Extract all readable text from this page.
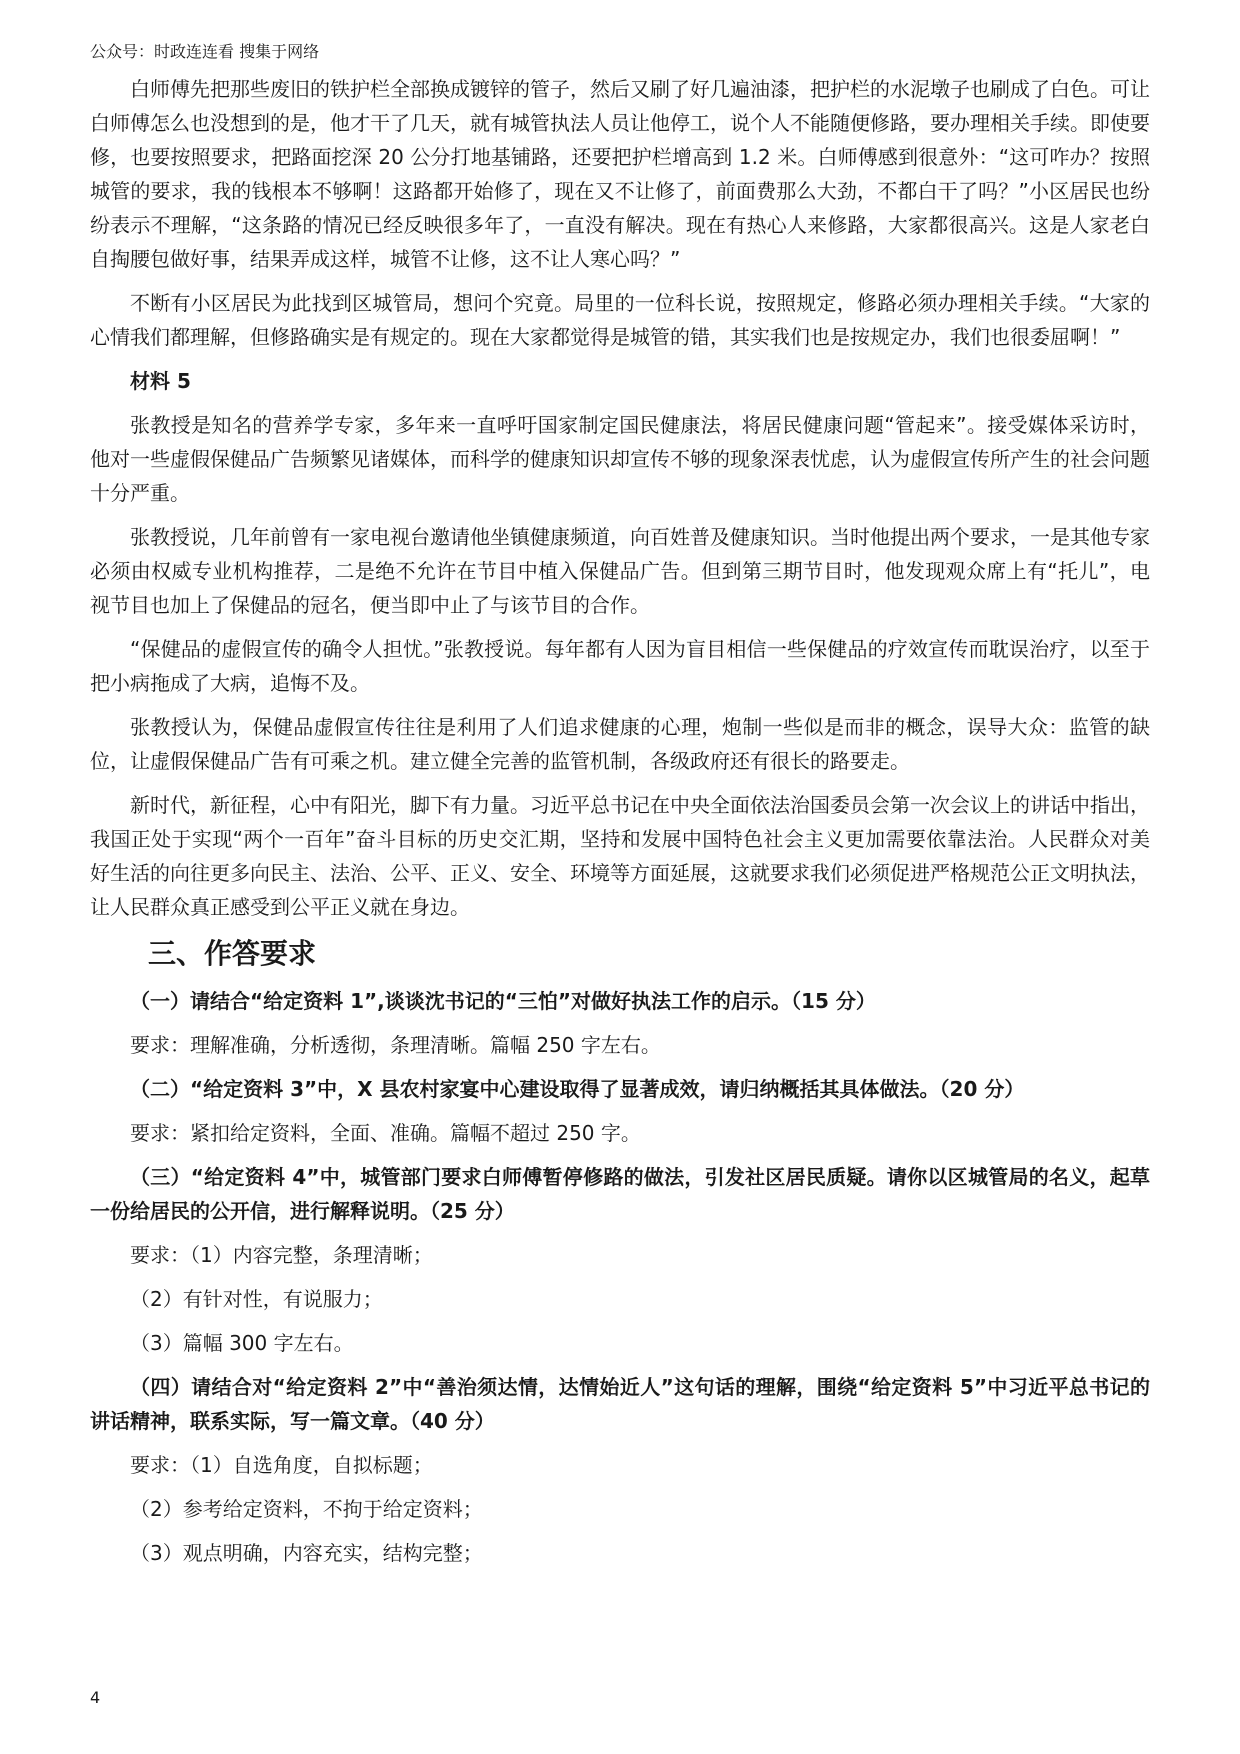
公众号：时政连连看 搜集于网络

白师傅先把那些废旧的铁护栏全部换成镀锌的管子，然后又刷了好几遍油漆，把护栏的水泥墩子也刷成了白色。可让白师傅怎么也没想到的是，他才干了几天，就有城管执法人员让他停工，说个人不能随便修路，要办理相关手续。即使要修，也要按照要求，把路面挖深 20 公分打地基铺路，还要把护栏增高到 1.2 米。白师傅感到很意外：“这可咋办？按照城管的要求，我的钱根本不够啊！这路都开始修了，现在又不让修了，前面费那么大劲，不都白干了吗？”小区居民也纷纷表示不理解，“这条路的情况已经反映很多年了，一直没有解决。现在有热心人来修路，大家都很高兴。这是人家老白自掏腰包做好事，结果弄成这样，城管不让修，这不让人寒心吗？”

不断有小区居民为此找到区城管局，想问个究竟。局里的一位科长说，按照规定，修路必须办理相关手续。“大家的心情我们都理解，但修路确实是有规定的。现在大家都觉得是城管的错，其实我们也是按规定办，我们也很委屈啊！”

材料 5

张教授是知名的营养学专家，多年来一直呼吁国家制定国民健康法，将居民健康问题“管起来”。接受媒体采访时，他对一些虚假保健品广告频繁见诸媒体，而科学的健康知识却宣传不够的现象深表忧虑，认为虚假宣传所产生的社会问题十分严重。

张教授说，几年前曾有一家电视台邀请他坐镇健康频道，向百姓普及健康知识。当时他提出两个要求，一是其他专家必须由权威专业机构推荐，二是绝不允许在节目中植入保健品广告。但到第三期节目时，他发现观众席上有“托儿”，电视节目也加上了保健品的冠名，便当即中止了与该节目的合作。

“保健品的虚假宣传的确令人担忧。”张教授说。每年都有人因为盲目相信一些保健品的疗效宣传而耽误治疗，以至于把小病拖成了大病，追悔不及。

张教授认为，保健品虚假宣传往往是利用了人们追求健康的心理，炮制一些似是而非的概念，误导大众：监管的缺位，让虚假保健品广告有可乘之机。建立健全完善的监管机制，各级政府还有很长的路要走。

新时代，新征程，心中有阳光，脚下有力量。习近平总书记在中央全面依法治国委员会第一次会议上的讲话中指出，我国正处于实现“两个一百年”奋斗目标的历史交汇期，坚持和发展中国特色社会主义更加需要依靠法治。人民群众对美好生活的向往更多向民主、法治、公平、正义、安全、环境等方面延展，这就要求我们必须促进严格规范公正文明执法，让人民群众真正感受到公平正义就在身边。

三、作答要求

（一）请结合“给定资料 1”,谈谈沈书记的“三怕”对做好执法工作的启示。（15 分）

要求：理解准确，分析透彻，条理清晰。篇幅 250 字左右。

（二）“给定资料 3”中，X 县农村家宴中心建设取得了显著成效，请归纳概括其具体做法。（20 分）

要求：紧扣给定资料，全面、准确。篇幅不超过 250 字。

（三）“给定资料 4”中，城管部门要求白师傅暂停修路的做法，引发社区居民质疑。请你以区城管局的名义，起草一份给居民的公开信，进行解释说明。（25 分）

要求：（1）内容完整，条理清晰；

（2）有针对性，有说服力；

（3）篇幅 300 字左右。

（四）请结合对“给定资料 2”中“善治须达情，达情始近人”这句话的理解，围绕“给定资料 5”中习近平总书记的讲话精神，联系实际，写一篇文章。（40 分）

要求：（1）自选角度，自拟标题；

（2）参考给定资料，不拘于给定资料；

（3）观点明确，内容充实，结构完整；

4
